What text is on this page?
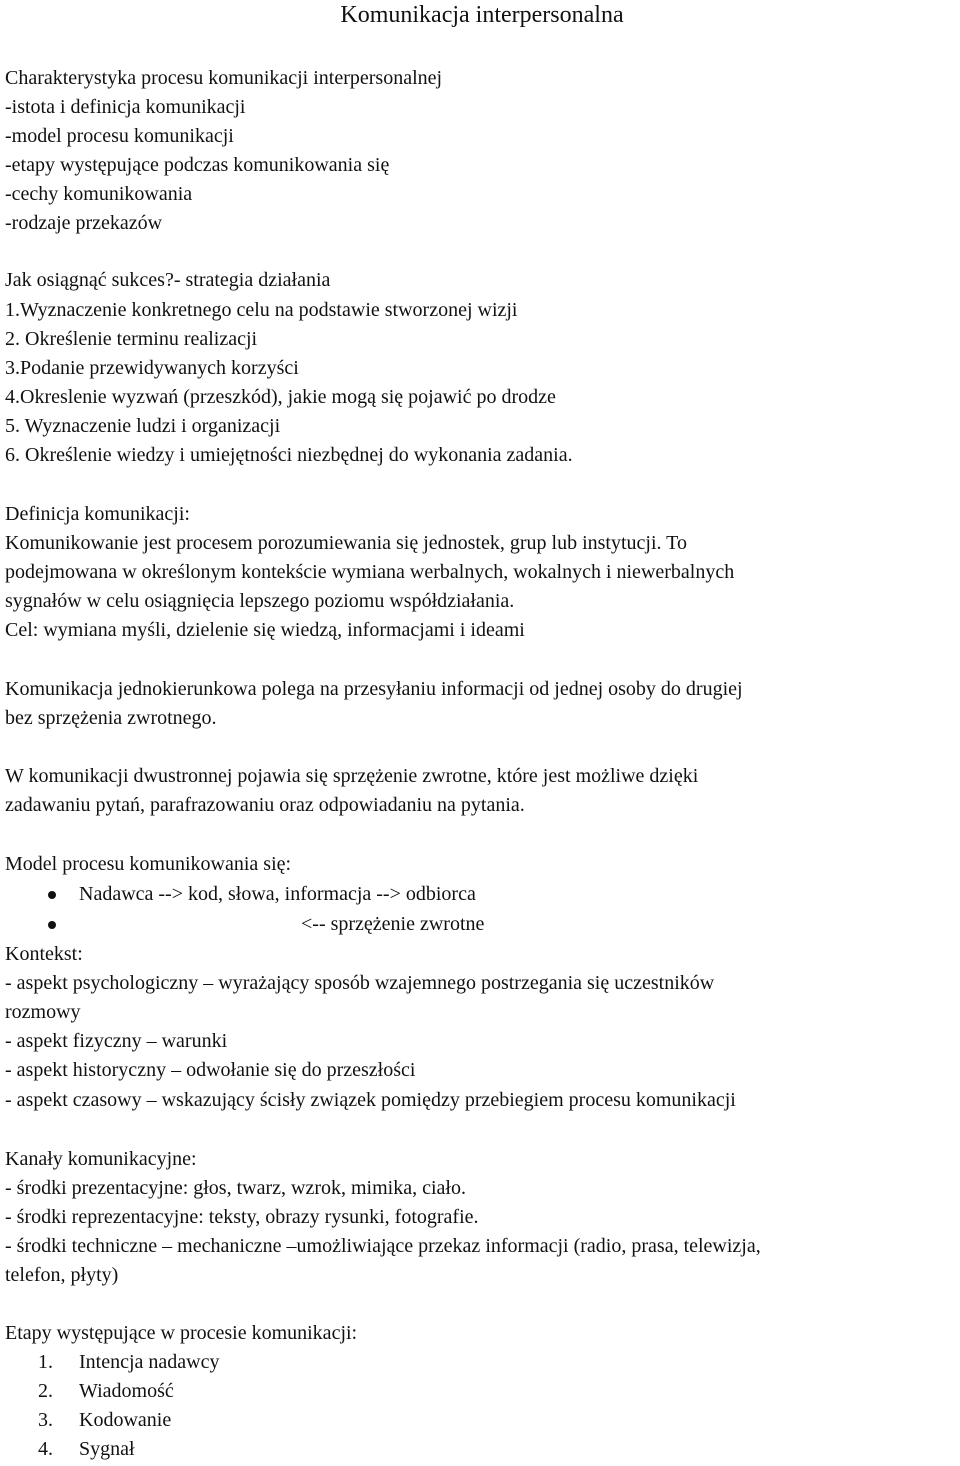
Komunikacja interpersonalna
Charakterystyka procesu komunikacji interpersonalnej
-istota i definicja komunikacji
-model procesu komunikacji
-etapy występujące podczas komunikowania się
-cechy komunikowania
-rodzaje przekazów
Jak osiągnąć sukces?- strategia działania
1.Wyznaczenie konkretnego celu na podstawie stworzonej wizji
2. Określenie terminu realizacji
3.Podanie przewidywanych korzyści
4.Okreslenie wyzwań (przeszkód), jakie mogą się pojawić po drodze
5. Wyznaczenie ludzi i organizacji
6. Określenie wiedzy i umiejętności niezbędnej do wykonania zadania.
Definicja komunikacji:
Komunikowanie jest procesem porozumiewania się jednostek, grup lub instytucji. To
podejmowana w określonym kontekście wymiana werbalnych, wokalnych i niewerbalnych
sygnałów w celu osiągnięcia lepszego poziomu współdziałania.
Cel: wymiana myśli, dzielenie się wiedzą, informacjami i ideami
Komunikacja jednokierunkowa polega na przesyłaniu informacji od jednej osoby do drugiej
bez sprzężenia zwrotnego.
W komunikacji dwustronnej pojawia się sprzężenie zwrotne, które jest możliwe dzięki
zadawaniu pytań, parafrazowaniu oraz odpowiadaniu na pytania.
Model procesu komunikowania się:
Nadawca --> kod, słowa, informacja --> odbiorca
<-- sprzężenie zwrotne
Kontekst:
- aspekt psychologiczny – wyrażający sposób wzajemnego postrzegania się uczestników
rozmowy
- aspekt fizyczny – warunki
- aspekt historyczny – odwołanie się do przeszłości
- aspekt czasowy – wskazujący ścisły związek pomiędzy przebiegiem procesu komunikacji
Kanały komunikacyjne:
- środki prezentacyjne: głos, twarz, wzrok, mimika, ciało.
- środki reprezentacyjne: teksty, obrazy rysunki, fotografie.
- środki techniczne – mechaniczne –umożliwiające przekaz informacji (radio, prasa, telewizja,
telefon, płyty)
Etapy występujące w procesie komunikacji:
1. Intencja nadawcy
2. Wiadomość
3. Kodowanie
4. Sygnał
